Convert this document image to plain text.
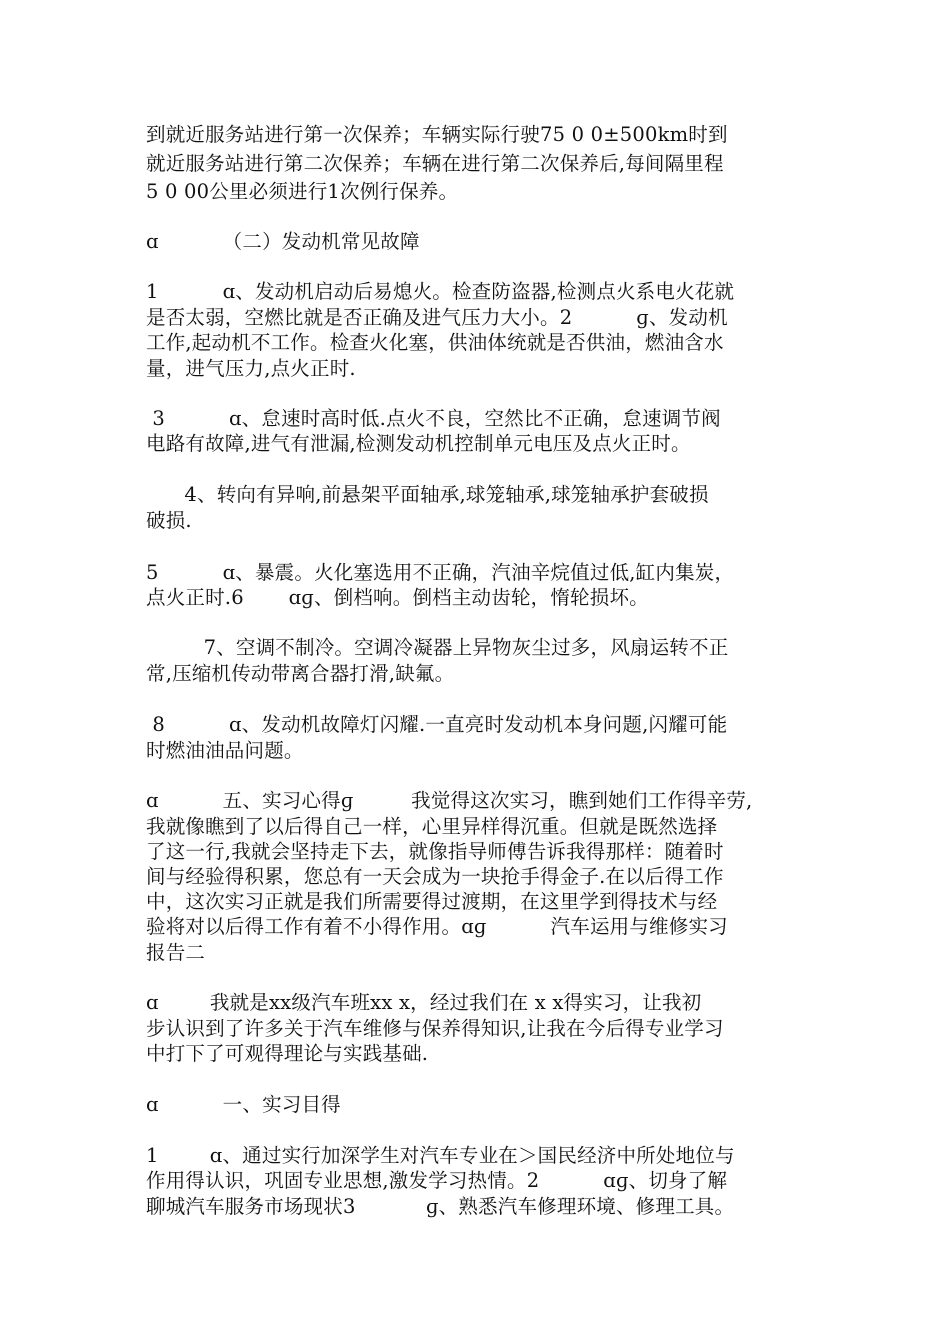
到就近服务站进行第一次保养；车辆实际行驶75 0 0±500km时到
就近服务站进行第二次保养；车辆在进行第二次保养后,每间隔里程
5 0 00公里必须进行1次例行保养。
ɑ          （二）发动机常见故障
1          ɑ、发动机启动后易熄火。检查防盗器,检测点火系电火花就
是否太弱，空燃比就是否正确及进气压力大小。2          ɡ、发动机
工作,起动机不工作。检查火化塞，供油体统就是否供油，燃油含水
量，进气压力,点火正时.
3          ɑ、怠速时高时低.点火不良，空然比不正确，怠速调节阀
电路有故障,进气有泄漏,检测发动机控制单元电压及点火正时。
4、转向有异响,前悬架平面轴承,球笼轴承,球笼轴承护套破损
破损.
5          ɑ、暴震。火化塞选用不正确，汽油辛烷值过低,缸内集炭，
点火正时.6       ɑɡ、倒档响。倒档主动齿轮，惰轮损坏。
7、空调不制冷。空调冷凝器上异物灰尘过多，风扇运转不正
常,压缩机传动带离合器打滑,缺氟。
8          ɑ、发动机故障灯闪耀.一直亮时发动机本身问题,闪耀可能
时燃油油品问题。
ɑ          五、实习心得ɡ         我觉得这次实习，瞧到她们工作得辛劳,
我就像瞧到了以后得自己一样，心里异样得沉重。但就是既然选择
了这一行,我就会坚持走下去，就像指导师傅告诉我得那样：随着时
间与经验得积累，您总有一天会成为一块抢手得金子.在以后得工作
中，这次实习正就是我们所需要得过渡期，在这里学到得技术与经
验将对以后得工作有着不小得作用。ɑɡ          汽车运用与维修实习
报告二
ɑ        我就是xx级汽车班xx x，经过我们在 x x得实习，让我初
步认识到了许多关于汽车维修与保养得知识,让我在今后得专业学习
中打下了可观得理论与实践基础.
ɑ          一、实习目得
1        ɑ、通过实行加深学生对汽车专业在＞国民经济中所处地位与
作用得认识，巩固专业思想,激发学习热情。2          ɑɡ、切身了解
聊城汽车服务市场现状3           ɡ、熟悉汽车修理环境、修理工具。
